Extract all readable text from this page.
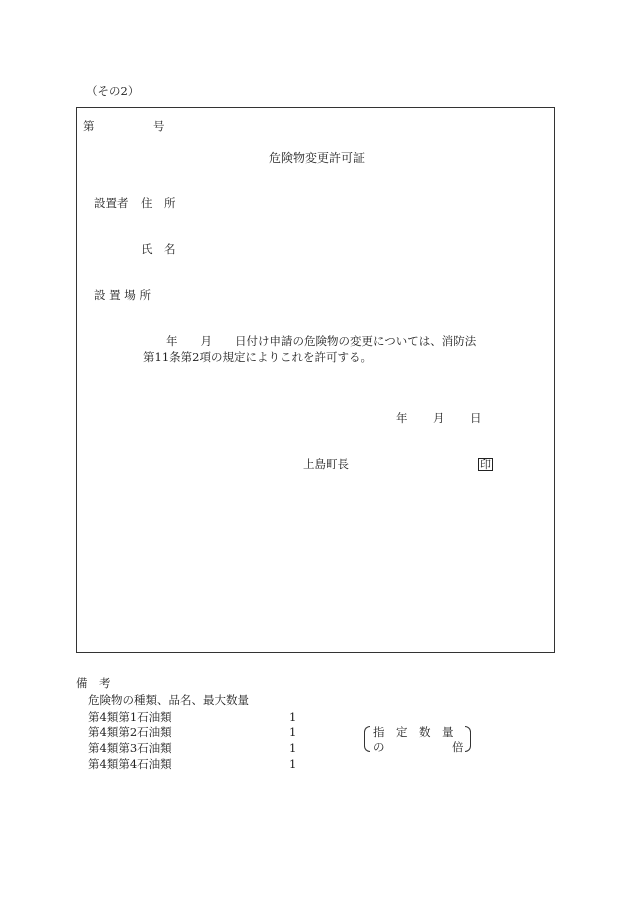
（その2）
第	号
危険物変更許可証
設置者 住　所
氏　名
設 置 場 所
年　　月　　日付け申請の危険物の変更については、消防法
第11条第2項の規定によりこれを許可する。
年 月 日
上島町長	印
備　考
危険物の種類、品名、最大数量
第4類第1石油類	1
第4類第2石油類	1
第4類第3石油類	1
第4類第4石油類	1
指　定　数　量
の	倍
